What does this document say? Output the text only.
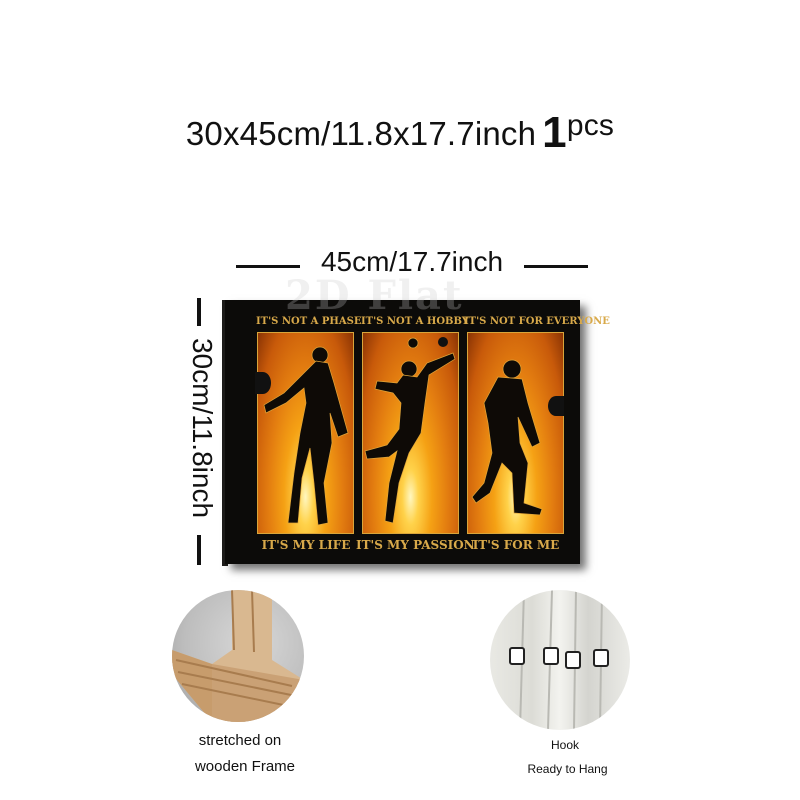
30x45cm/11.8x17.7inch 1pcs
45cm/17.7inch
30cm/11.8inch
2D Flat
IT'S NOT A PHASE IT'S NOT A HOBBY
IT'S NOT FOR EVERYONE
IT'S MY LIFE IT'S MY PASSION
IT'S FOR ME
stretched on
wooden Frame
Hook
Ready to Hang
